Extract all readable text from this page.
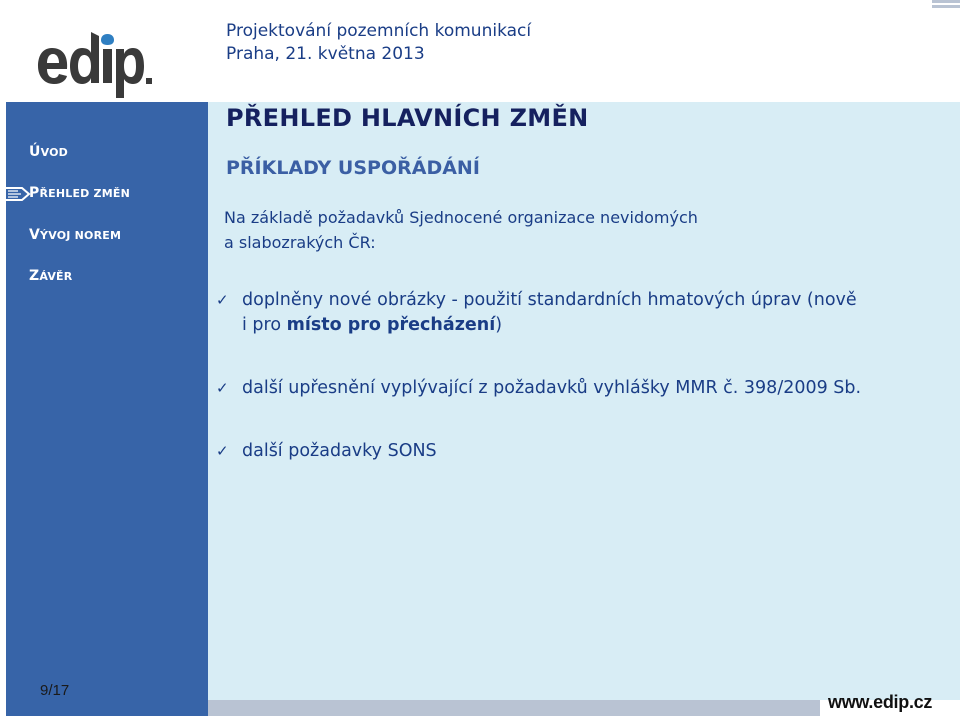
Projektování pozemních komunikací
Praha, 21. května 2013
ÚVOD
PŘEHLED ZMĚN
VÝVOJ NOREM
ZÁVĚR
9/17
PŘEHLED HLAVNÍCH ZMĚN
PŘÍKLADY USPOŘÁDÁNÍ
Na základě požadavků Sjednocené organizace nevidomých
a slabozrakých ČR:
✓ doplněny nové obrázky - použití standardních hmatových úprav (nově
i pro místo pro přecházení)
✓ další upřesnění vyplývající z požadavků vyhlášky MMR č. 398/2009 Sb.
✓ další požadavky SONS
www.edip.cz
